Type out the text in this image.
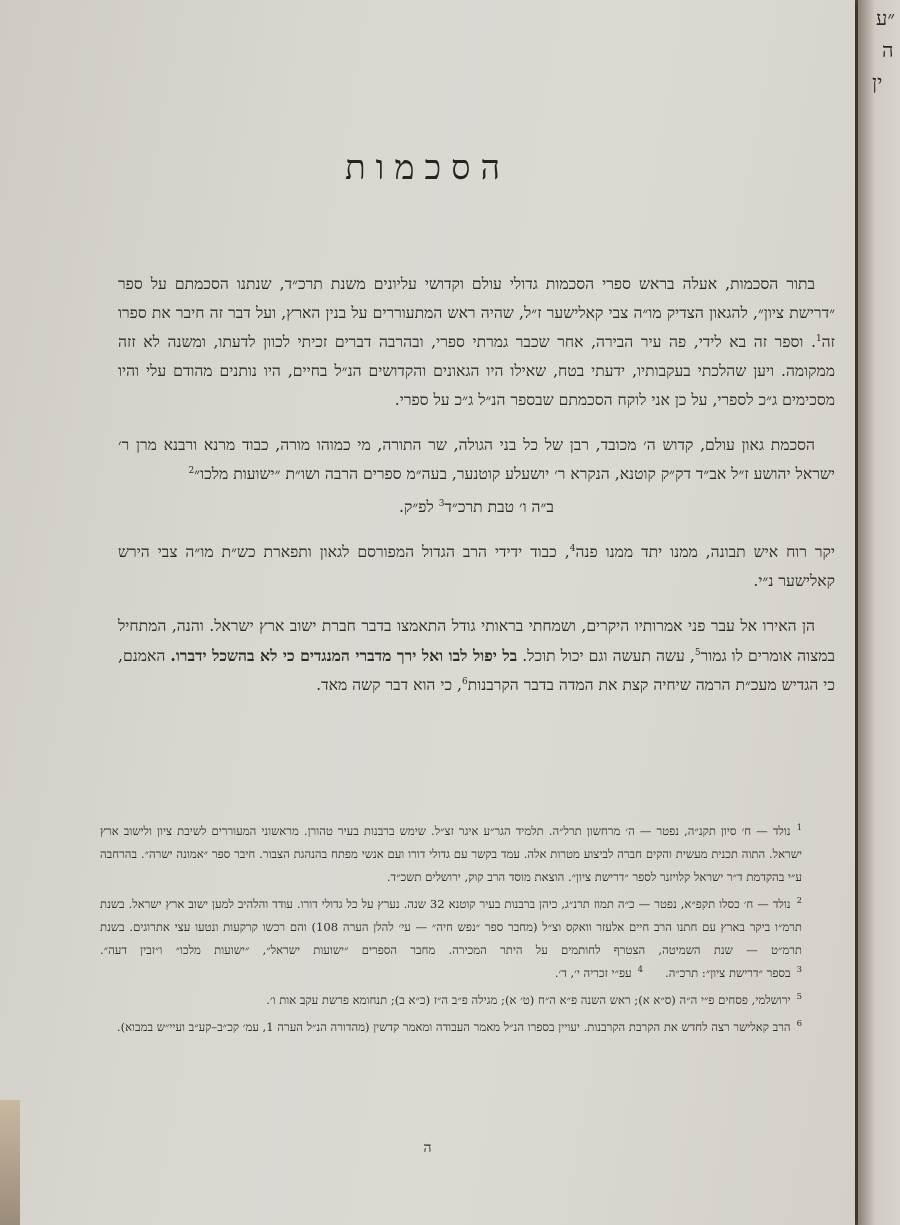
הסכמות

בתור הסכמות, אעלה בראש ספרי הסכמות גדולי עולם וקדושי עליונים משנת תרכ״ד, שנתנו הסכמתם על ספר ״דרישת ציון״, להגאון הצדיק מו״ה צבי קאלישער ז״ל, שהיה ראש המתעוררים על בנין הארץ, ועל דבר זה חיבר את ספרו זה$^1$. וספר זה בא לידי, פה עיר הבירה, אחר שכבר גמרתי ספרי, ובהרבה דברים זכיתי לכוון לדעתו, ומשנה לא זזה ממקומה. ויען שהלכתי בעקבותיו, ידעתי בטח, שאילו היו הגאונים והקדושים הנ״ל בחיים, היו נותנים מהודם עלי והיו מסכימים ג״כ לספרי, על כן אני לוקח הסכמתם שבספר הנ״ל ג״כ על ספרי.

הסכמת גאון עולם, קדוש ה׳ מכובד, רבן של כל בני הגולה, שר התורה, מי כמוהו מורה, כבוד מרנא ורבנא מרן ר׳ ישראל יהושע ז״ל אב״ד דק״ק קוטנא, הנקרא ר׳ יושעלע קוטנער, בעה״מ ספרים הרבה ושו״ת ״ישועות מלכו״$^2$

ב״ה ו׳ טבת תרכ״ד$^3$ לפ״ק.

יקר רוח איש תבונה, ממנו יתד ממנו פנה$^4$, כבוד ידידי הרב הגדול המפורסם לגאון ותפארת כש״ת מו״ה צבי הירש קאלישער נ״י.

הן האירו אל עבר פני אמרותיו היקרים, ושמחתי בראותי גודל התאמצו בדבר חברת ישוב ארץ ישראל. והנה, המתחיל במצוה אומרים לו גמור$^5$, עשה תעשה וגם יכול תוכל. בל יפול לבו ואל ירך מדברי המנגדים כי לא בהשכל ידברו. האמנם, כי הגדיש מעכ״ת הרמה שיחיה קצת את המדה בדבר הקרבנות$^6$, כי הוא דבר קשה מאד.

$^1$נולד — ח׳ סיון תקנ״ה, נפטר — ה׳ מרחשון תרל״ה. תלמיד הגר״ע איגר זצ״ל. שימש ברבנות בעיר טהורן. מראשוני המעוררים לשיבת ציון ולישוב ארץ ישראל. התוה תכנית מעשית והקים חברה לביצוע מטרות אלה. עמד בקשר עם גדולי דורו ועם אנשי מפתח בהנהגת הצבור. חיבר ספר ״אמונה ישרה״. בהרחבה ע״י בהקדמת ד״ר ישראל קלויזנר לספר ״דרישת ציון״. הוצאת מוסד הרב קוק, ירושלים תשכ״ד.
$^2$נולד — ח׳ כסלו תקפ״א, נפטר — כ״ה תמוז תרנ״ג, כיהן ברבנות בעיר קוטנא 32 שנה. נערץ על כל גדולי דורו. עודד והלהיב למען ישוב ארץ ישראל. בשנת תרמ״ו ביקר בארץ עם חתנו הרב חיים אלעזר וואקס וצ״ל (מחבר ספר ״נפש חיה״ — עי׳ להלן הערה 108) והם רכשו קרקעות ונטעו עצי אתרוגים. בשנת תרמ״ט — שנת השמיטה, הצטרף לחותמים על היתר המכירה. מחבר הספרים ״ישועות ישראל״, ״ישועות מלכו״ ו״זבין דעה״. $^3$בספר ״דרישת ציון״: תרכ״ה.$^4$עפ״י זכריה י׳, ד׳.
$^5$ירושלמי, פסחים פ״י ה״ה (ס״א א); ראש השנה פ״א ה״ח (ט׳ א); מגילה פ״ב ה״ז (כ״א ב); תנחומא פרשת עקב אות ו׳.
$^6$הרב קאלישר רצה לחדש את הקרבת הקרבנות. יעויין בספרו הנ״ל מאמר העבודה ומאמר קדשין (מהדורה הנ״ל הערה 1, עמ׳ קכ״ב–קע״ב ועיי״ש במבוא).
ה
״ע
ה
ין
